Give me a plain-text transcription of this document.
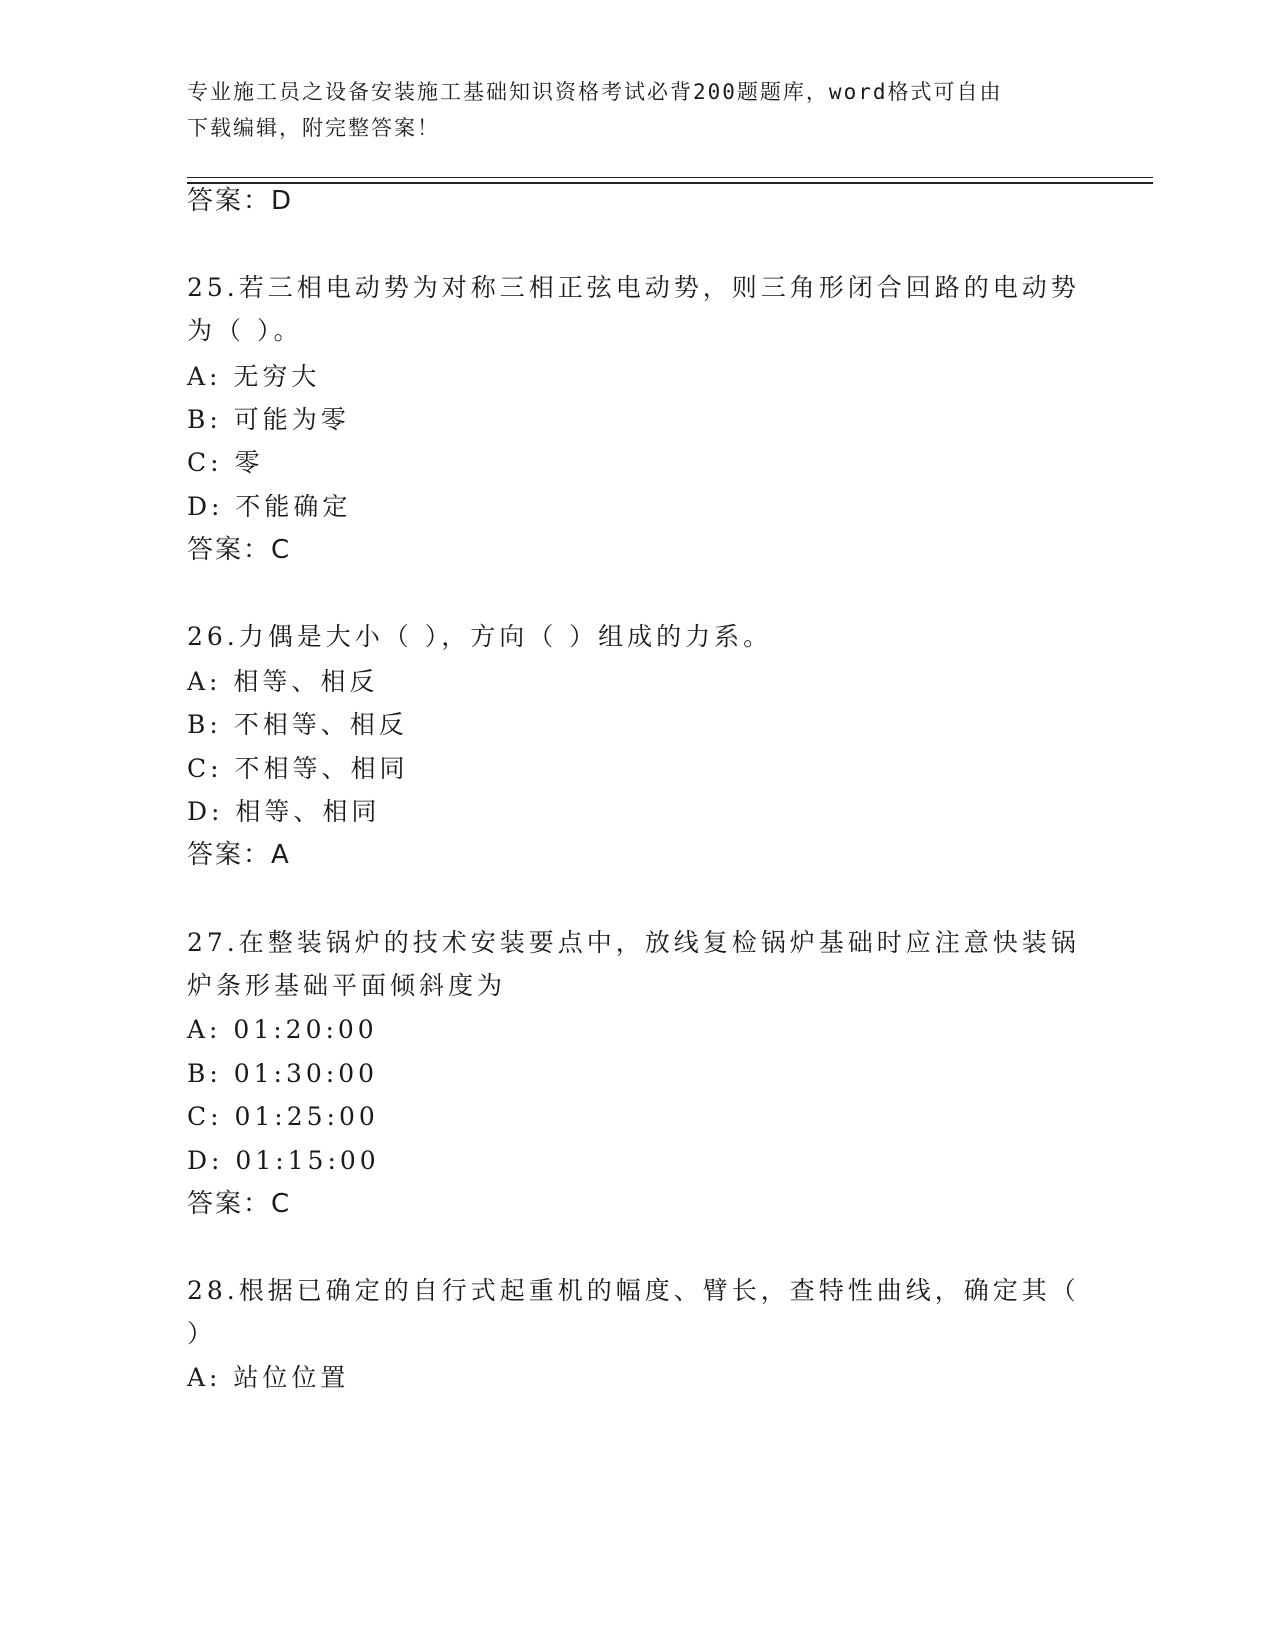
专业施工员之设备安装施工基础知识资格考试必背200题题库，word格式可自由
下载编辑，附完整答案！
答案：D
25.若三相电动势为对称三相正弦电动势，则三角形闭合回路的电动势
为（ ）。
A: 无穷大
B: 可能为零
C: 零
D: 不能确定
答案：C
26.力偶是大小（ ），方向（ ）组成的力系。
A: 相等、相反
B: 不相等、相反
C: 不相等、相同
D: 相等、相同
答案：A
27.在整装锅炉的技术安装要点中，放线复检锅炉基础时应注意快装锅
炉条形基础平面倾斜度为
A: 01:20:00
B: 01:30:00
C: 01:25:00
D: 01:15:00
答案：C
28.根据已确定的自行式起重机的幅度、臂长，查特性曲线，确定其（
）
A: 站位位置
